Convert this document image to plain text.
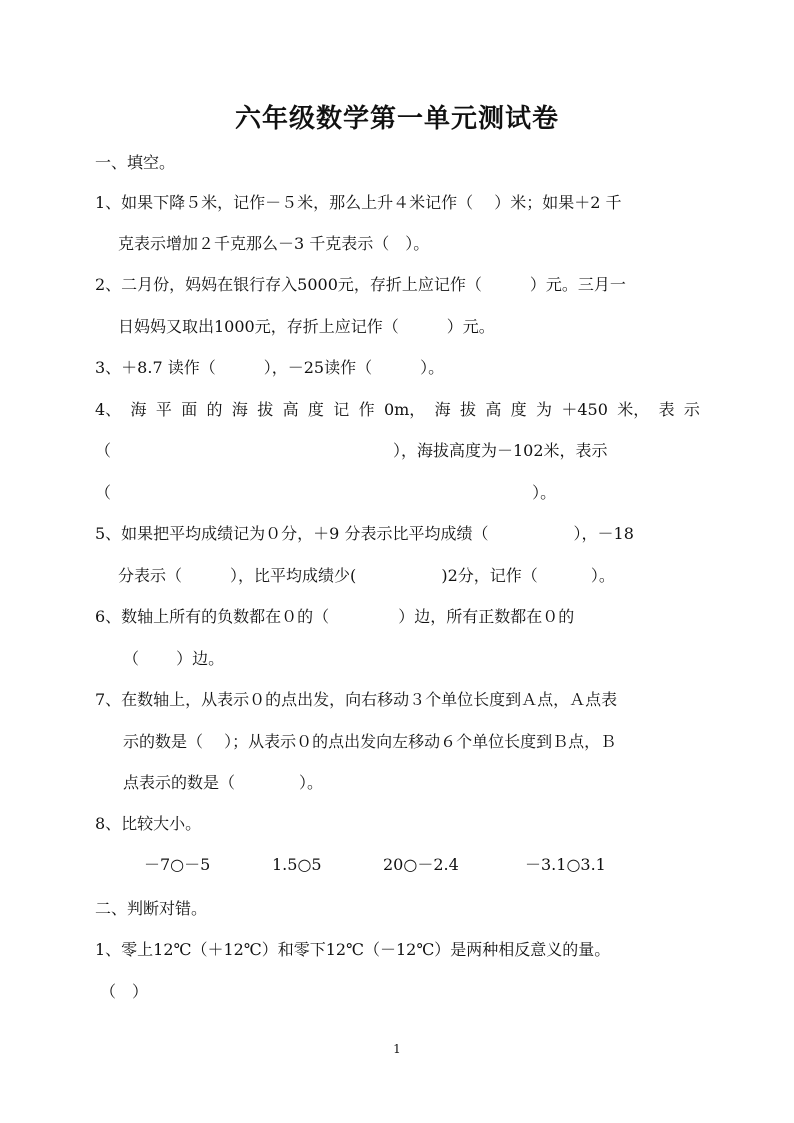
六年级数学第一单元测试卷
一、填空。
1、如果下降５米，记作－５米，那么上升４米记作（　 ）米；如果＋2 千
克表示增加２千克那么－3 千克表示（　）。
2、二月份，妈妈在银行存入5000元，存折上应记作（　　　）元。三月一
日妈妈又取出1000元，存折上应记作（　　　）元。
3、＋8.7 读作（　　　），－25读作（　　　）。
4、 海 平 面 的 海 拔 高 度 记 作 0m， 海 拔 高 度 为 ＋450 米， 表 示
（	），海拔高度为－102米，表示
（　　　　　　　　　　　　　　　　　　　　　　　　　　 ）。
5、如果把平均成绩记为０分，＋9 分表示比平均成绩（　　　　　 ），－18
分表示（　　　），比平均成绩少(　　　　　 )2分，记作（　　　 ）。
6、数轴上所有的负数都在０的（　　　　 ）边，所有正数都在０的
（　　 ）边。
7、在数轴上，从表示０的点出发，向右移动３个单位长度到Ａ点，Ａ点表
示的数是（　 ）；从表示０的点出发向左移动６个单位长度到Ｂ点，Ｂ
点表示的数是（　　　　）。
8、比较大小。
－7○－5	1.5○5	20○－2.4	－3.1○3.1
二、判断对错。
1、零上12℃（＋12℃）和零下12℃（－12℃）是两种相反意义的量。
（　）
1
